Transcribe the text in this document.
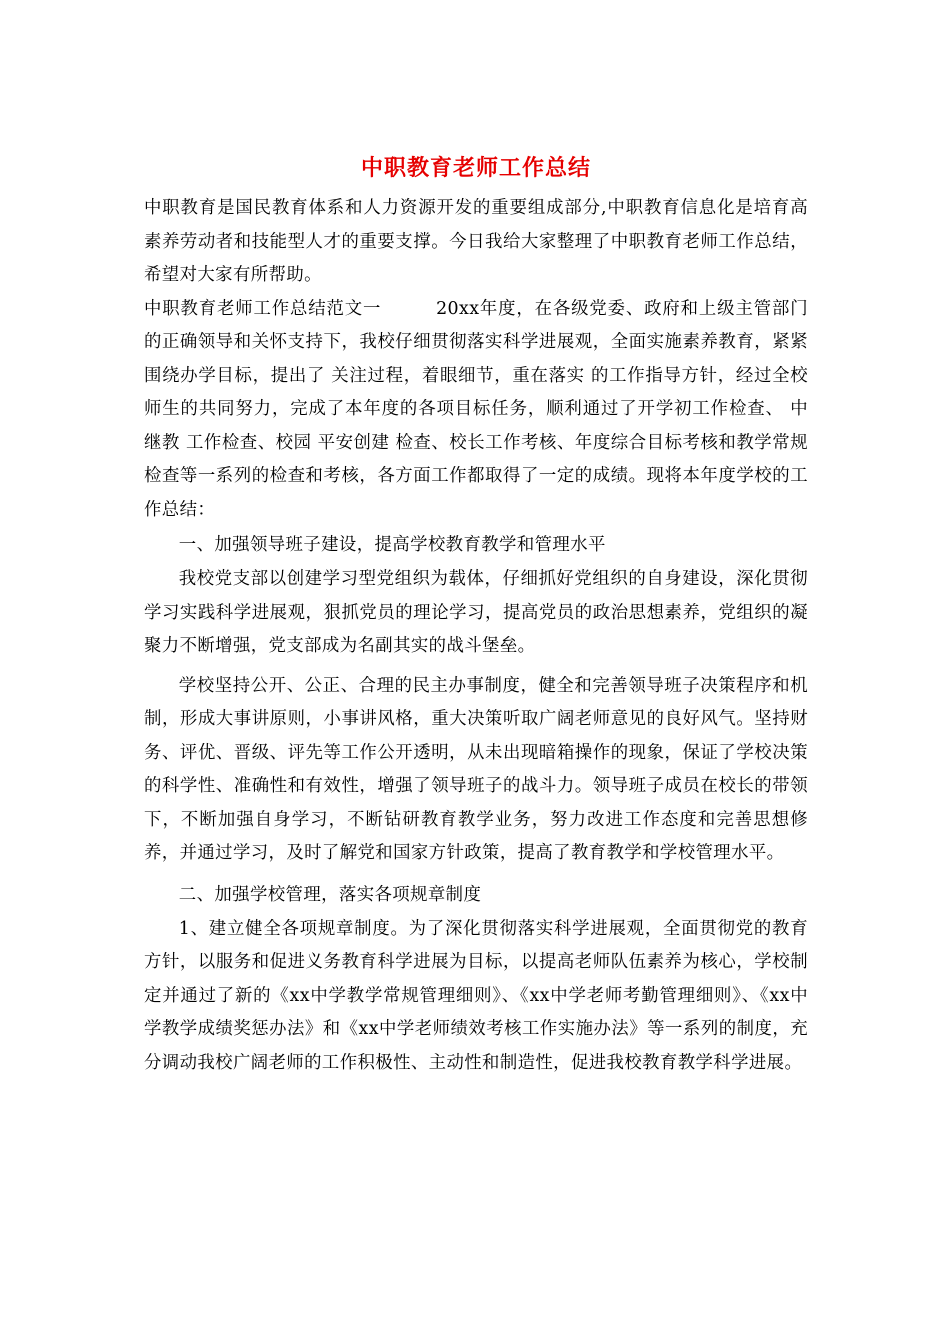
中职教育老师工作总结

中职教育是国民教育体系和人力资源开发的重要组成部分,中职教育信息化是培育高素养劳动者和技能型人才的重要支撑。今日我给大家整理了中职教育老师工作总结，希望对大家有所帮助。

中职教育老师工作总结范文一　　　20xx年度，在各级党委、政府和上级主管部门的正确领导和关怀支持下，我校仔细贯彻落实科学进展观，全面实施素养教育，紧紧围绕办学目标，提出了 关注过程，着眼细节，重在落实 的工作指导方针，经过全校师生的共同努力，完成了本年度的各项目标任务，顺利通过了开学初工作检查、 中继教 工作检查、校园 平安创建 检查、校长工作考核、年度综合目标考核和教学常规检查等一系列的检查和考核，各方面工作都取得了一定的成绩。现将本年度学校的工作总结：

一、加强领导班子建设，提高学校教育教学和管理水平

我校党支部以创建学习型党组织为载体，仔细抓好党组织的自身建设，深化贯彻学习实践科学进展观，狠抓党员的理论学习，提高党员的政治思想素养，党组织的凝聚力不断增强，党支部成为名副其实的战斗堡垒。

学校坚持公开、公正、合理的民主办事制度，健全和完善领导班子决策程序和机制，形成大事讲原则，小事讲风格，重大决策听取广阔老师意见的良好风气。坚持财务、评优、晋级、评先等工作公开透明，从未出现暗箱操作的现象，保证了学校决策的科学性、准确性和有效性，增强了领导班子的战斗力。领导班子成员在校长的带领下，不断加强自身学习，不断钻研教育教学业务，努力改进工作态度和完善思想修养，并通过学习，及时了解党和国家方针政策，提高了教育教学和学校管理水平。

二、加强学校管理，落实各项规章制度

1、建立健全各项规章制度。为了深化贯彻落实科学进展观，全面贯彻党的教育方针，以服务和促进义务教育科学进展为目标，以提高老师队伍素养为核心，学校制定并通过了新的《xx中学教学常规管理细则》、《xx中学老师考勤管理细则》、《xx中学教学成绩奖惩办法》和《xx中学老师绩效考核工作实施办法》等一系列的制度，充分调动我校广阔老师的工作积极性、主动性和制造性，促进我校教育教学科学进展。
